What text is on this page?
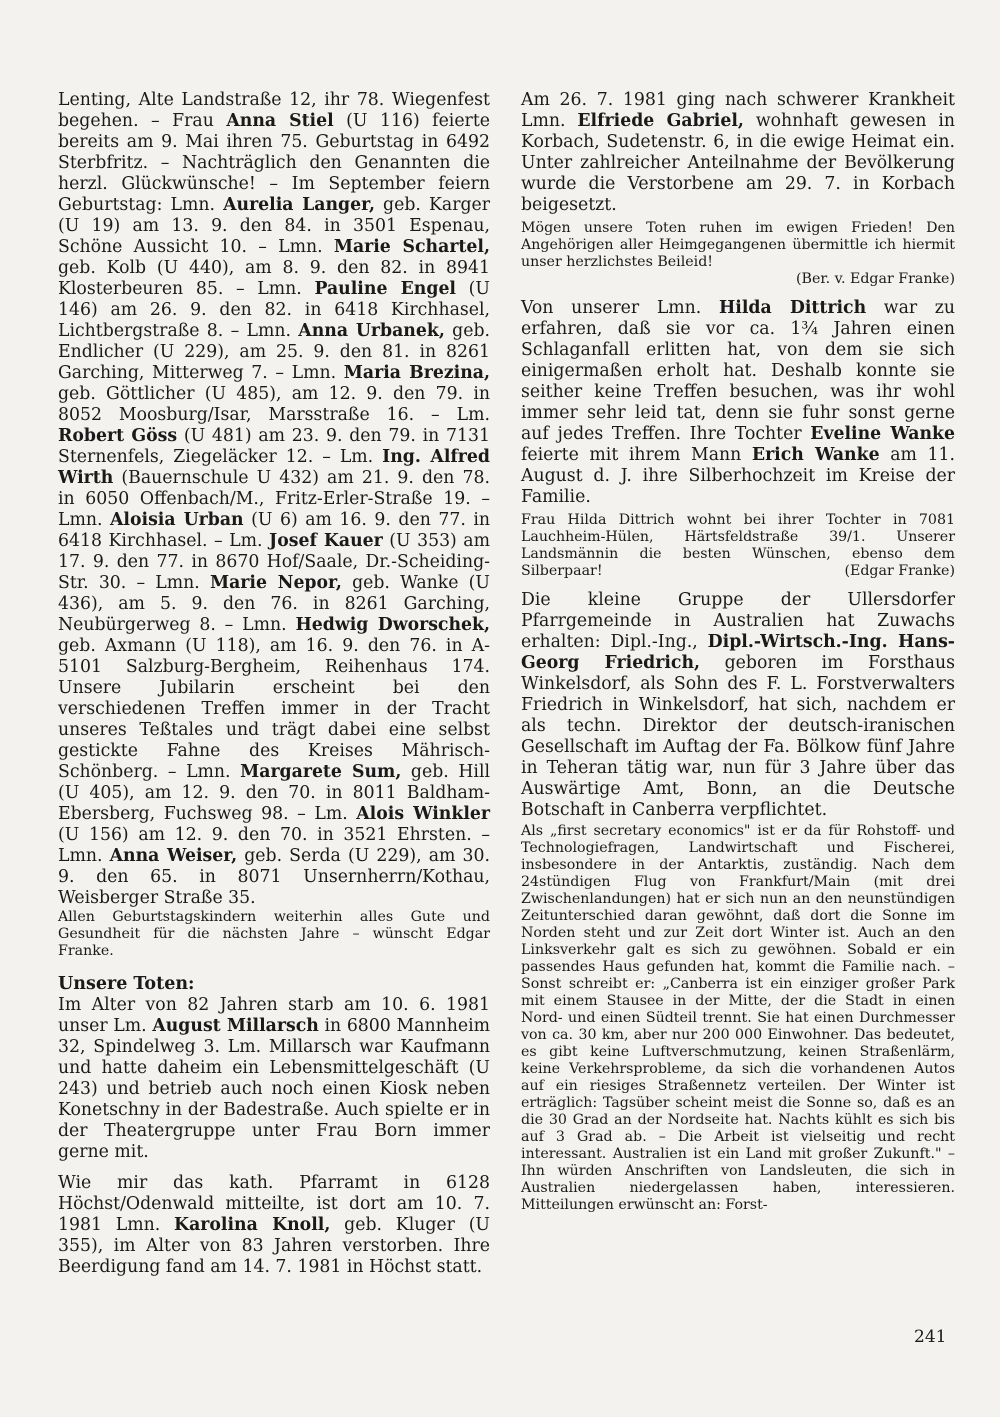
Lenting, Alte Landstraße 12, ihr 78. Wiegenfest begehen. – Frau Anna Stiel (U 116) feierte bereits am 9. Mai ihren 75. Geburtstag in 6492 Sterbfritz. – Nachträglich den Genannten die herzl. Glückwünsche! – Im September feiern Geburtstag: Lmn. Aurelia Langer, geb. Karger (U 19) am 13. 9. den 84. in 3501 Espenau, Schöne Aussicht 10. – Lmn. Marie Schartel, geb. Kolb (U 440), am 8. 9. den 82. in 8941 Klosterbeuren 85. – Lmn. Pauline Engel (U 146) am 26. 9. den 82. in 6418 Kirchhasel, Lichtbergstraße 8. – Lmn. Anna Urbanek, geb. Endlicher (U 229), am 25. 9. den 81. in 8261 Garching, Mitterweg 7. – Lmn. Maria Brezina, geb. Göttlicher (U 485), am 12. 9. den 79. in 8052 Moosburg/Isar, Marsstraße 16. – Lm. Robert Göss (U 481) am 23. 9. den 79. in 7131 Sternenfels, Ziegeläcker 12. – Lm. Ing. Alfred Wirth (Bauernschule U 432) am 21. 9. den 78. in 6050 Offenbach/M., Fritz-Erler-Straße 19. – Lmn. Aloisia Urban (U 6) am 16. 9. den 77. in 6418 Kirchhasel. – Lm. Josef Kauer (U 353) am 17. 9. den 77. in 8670 Hof/Saale, Dr.-Scheiding-Str. 30. – Lmn. Marie Nepor, geb. Wanke (U 436), am 5. 9. den 76. in 8261 Garching, Neubürgerweg 8. – Lmn. Hedwig Dworschek, geb. Axmann (U 118), am 16. 9. den 76. in A-5101 Salzburg-Bergheim, Reihenhaus 174. Unsere Jubilarin erscheint bei den verschiedenen Treffen immer in der Tracht unseres Teßtales und trägt dabei eine selbst gestickte Fahne des Kreises Mährisch-Schönberg. – Lmn. Margarete Sum, geb. Hill (U 405), am 12. 9. den 70. in 8011 Baldham-Ebersberg, Fuchsweg 98. – Lm. Alois Winkler (U 156) am 12. 9. den 70. in 3521 Ehrsten. – Lmn. Anna Weiser, geb. Serda (U 229), am 30. 9. den 65. in 8071 Unsernherrn/Kothau, Weisberger Straße 35.

Allen Geburtstagskindern weiterhin alles Gute und Gesundheit für die nächsten Jahre – wünscht Edgar Franke.

Unsere Toten:

Im Alter von 82 Jahren starb am 10. 6. 1981 unser Lm. August Millarsch in 6800 Mannheim 32, Spindelweg 3. Lm. Millarsch war Kaufmann und hatte daheim ein Lebensmittelgeschäft (U 243) und betrieb auch noch einen Kiosk neben Konetschny in der Badestraße. Auch spielte er in der Theatergruppe unter Frau Born immer gerne mit.

Wie mir das kath. Pfarramt in 6128 Höchst/Odenwald mitteilte, ist dort am 10. 7. 1981 Lmn. Karolina Knoll, geb. Kluger (U 355), im Alter von 83 Jahren verstorben. Ihre Beerdigung fand am 14. 7. 1981 in Höchst statt.

Am 26. 7. 1981 ging nach schwerer Krankheit Lmn. Elfriede Gabriel, wohnhaft gewesen in Korbach, Sudetenstr. 6, in die ewige Heimat ein. Unter zahlreicher Anteilnahme der Bevölkerung wurde die Verstorbene am 29. 7. in Korbach beigesetzt.

Mögen unsere Toten ruhen im ewigen Frieden! Den Angehörigen aller Heimgegangenen übermittle ich hiermit unser herzlichstes Beileid!

(Ber. v. Edgar Franke)

Von unserer Lmn. Hilda Dittrich war zu erfahren, daß sie vor ca. 1¾ Jahren einen Schlaganfall erlitten hat, von dem sie sich einigermaßen erholt hat. Deshalb konnte sie seither keine Treffen besuchen, was ihr wohl immer sehr leid tat, denn sie fuhr sonst gerne auf jedes Treffen. Ihre Tochter Eveline Wanke feierte mit ihrem Mann Erich Wanke am 11. August d. J. ihre Silberhochzeit im Kreise der Familie.

Frau Hilda Dittrich wohnt bei ihrer Tochter in 7081 Lauchheim-Hülen, Härtsfeldstraße 39/1. Unserer Landsmännin die besten Wünschen, ebenso dem Silberpaar!	(Edgar Franke)

Die kleine Gruppe der Ullersdorfer Pfarrgemeinde in Australien hat Zuwachs erhalten: Dipl.-Ing., Dipl.-Wirtsch.-Ing. Hans-Georg Friedrich, geboren im Forsthaus Winkelsdorf, als Sohn des F. L. Forstverwalters Friedrich in Winkelsdorf, hat sich, nachdem er als techn. Direktor der deutsch-iranischen Gesellschaft im Auftag der Fa. Bölkow fünf Jahre in Teheran tätig war, nun für 3 Jahre über das Auswärtige Amt, Bonn, an die Deutsche Botschaft in Canberra verpflichtet.

Als „first secretary economics" ist er da für Rohstoff- und Technologiefragen, Landwirtschaft und Fischerei, insbesondere in der Antarktis, zuständig. Nach dem 24stündigen Flug von Frankfurt/Main (mit drei Zwischenlandungen) hat er sich nun an den neunstündigen Zeitunterschied daran gewöhnt, daß dort die Sonne im Norden steht und zur Zeit dort Winter ist. Auch an den Linksverkehr galt es sich zu gewöhnen. Sobald er ein passendes Haus gefunden hat, kommt die Familie nach. – Sonst schreibt er: „Canberra ist ein einziger großer Park mit einem Stausee in der Mitte, der die Stadt in einen Nord- und einen Südteil trennt. Sie hat einen Durchmesser von ca. 30 km, aber nur 200 000 Einwohner. Das bedeutet, es gibt keine Luftverschmutzung, keinen Straßenlärm, keine Verkehrsprobleme, da sich die vorhandenen Autos auf ein riesiges Straßennetz verteilen. Der Winter ist erträglich: Tagsüber scheint meist die Sonne so, daß es an die 30 Grad an der Nordseite hat. Nachts kühlt es sich bis auf 3 Grad ab. – Die Arbeit ist vielseitig und recht interessant. Australien ist ein Land mit großer Zukunft." – Ihn würden Anschriften von Landsleuten, die sich in Australien niedergelassen haben, interessieren. Mitteilungen erwünscht an: Forst-

241
